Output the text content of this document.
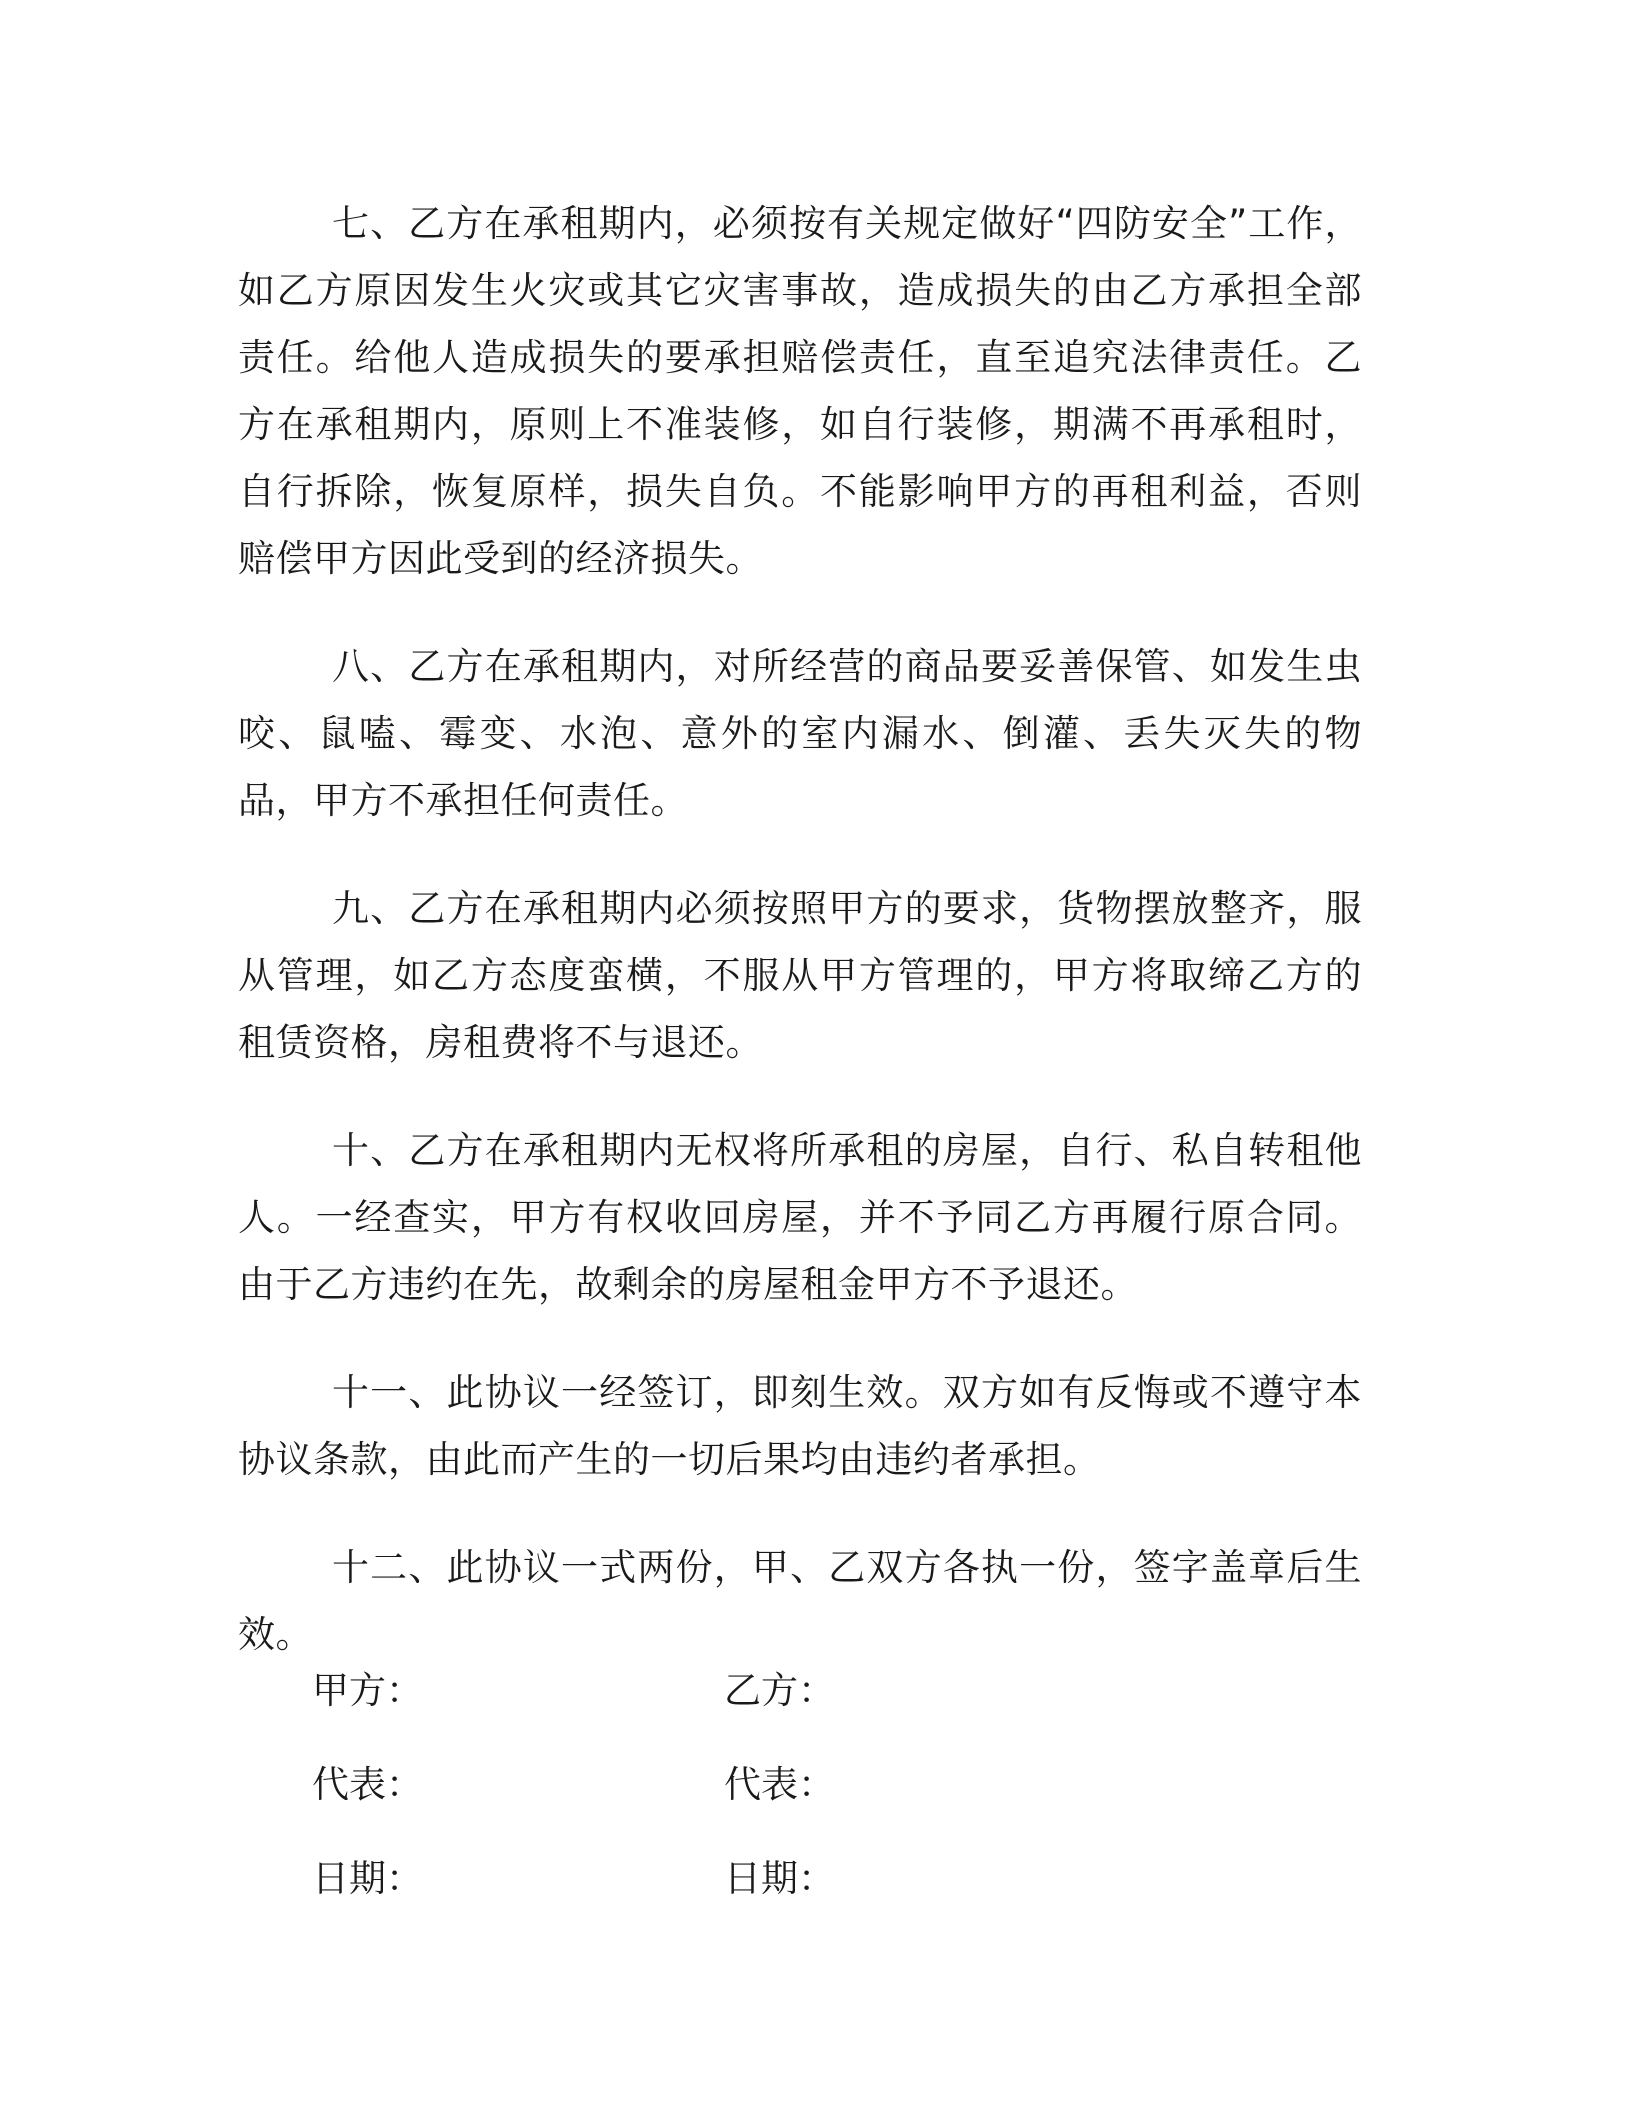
七、乙方在承租期内，必须按有关规定做好“四防安全”工作，如乙方原因发生火灾或其它灾害事故，造成损失的由乙方承担全部责任。给他人造成损失的要承担赔偿责任，直至追究法律责任。乙方在承租期内，原则上不准装修，如自行装修，期满不再承租时，自行拆除，恢复原样，损失自负。不能影响甲方的再租利益，否则赔偿甲方因此受到的经济损失。

八、乙方在承租期内，对所经营的商品要妥善保管、如发生虫咬、鼠嗑、霉变、水泡、意外的室内漏水、倒灌、丢失灭失的物品，甲方不承担任何责任。

九、乙方在承租期内必须按照甲方的要求，货物摆放整齐，服从管理，如乙方态度蛮横，不服从甲方管理的，甲方将取缔乙方的租赁资格，房租费将不与退还。

十、乙方在承租期内无权将所承租的房屋，自行、私自转租他人。一经查实，甲方有权收回房屋，并不予同乙方再履行原合同。由于乙方违约在先，故剩余的房屋租金甲方不予退还。

十一、此协议一经签订，即刻生效。双方如有反悔或不遵守本协议条款，由此而产生的一切后果均由违约者承担。

十二、此协议一式两份，甲、乙双方各执一份，签字盖章后生效。

甲方：	乙方：
代表：	代表：
日期：	日期：
